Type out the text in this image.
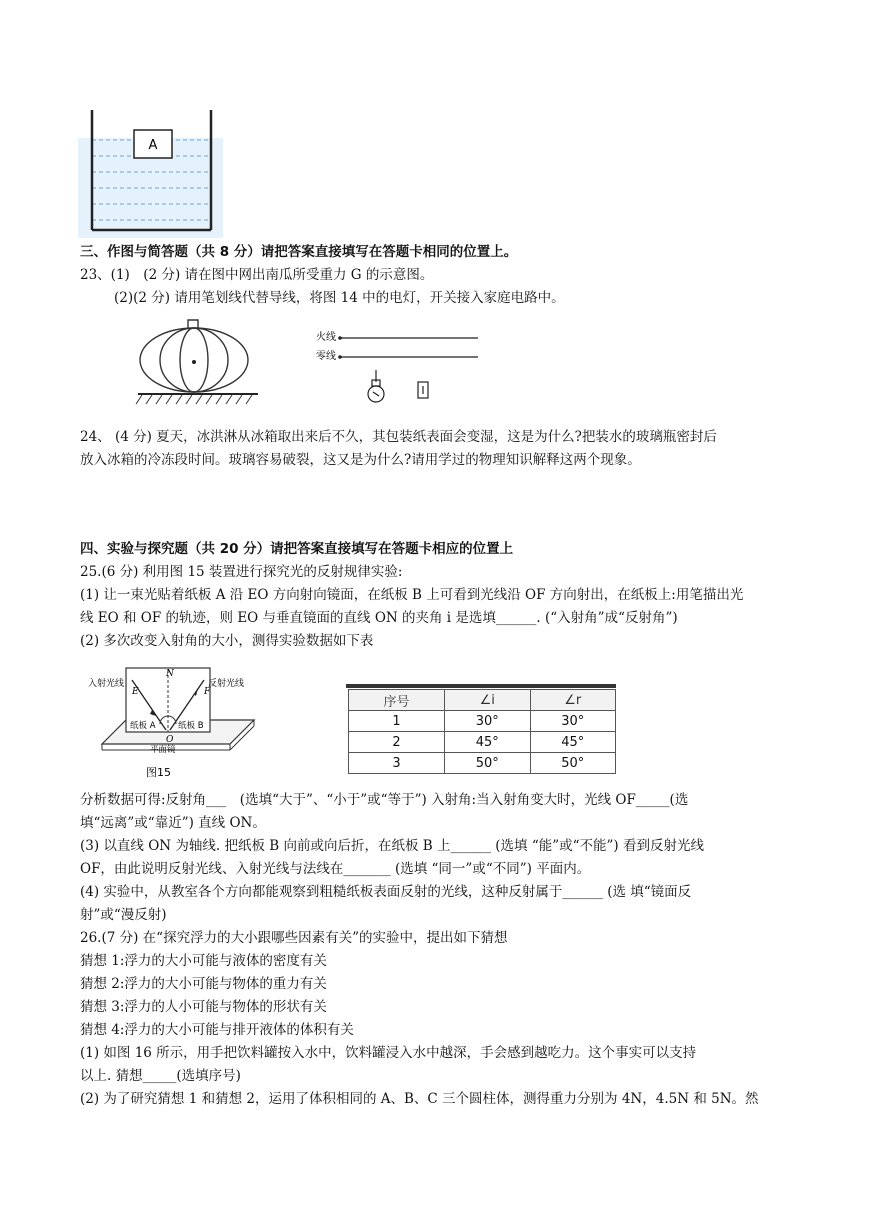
A
三、作图与简答题（共 8 分）请把答案直接填写在答题卡相同的位置上。
23、(1)　(2 分) 请在图中网出南瓜所受重力 G 的示意图。
(2)(2 分) 请用笔划线代替导线，将图 14 中的电灯，开关接入家庭电路中。
火线
零线
24、 (4 分) 夏天，冰洪淋从冰箱取出来后不久，其包装纸表面会变湿，这是为什么?把装水的玻璃瓶密封后
放入冰箱的冷冻段时间。玻璃容易破裂，这又是为什么?请用学过的物理知识解释这两个现象。
四、实验与探究题（共 20 分）请把答案直接填写在答题卡相应的位置上
25.(6 分) 利用图 15 装置进行探究光的反射规律实验:
(1) 让一束光贴着纸板 A 沿 EO 方向射向镜面，在纸板 B 上可看到光线沿 OF 方向射出，在纸板上:用笔描出光
线 EO 和 OF 的轨迹，则 EO 与垂直镜面的直线 ON 的夹角 i 是选填______. (“入射角”成“反射角”)
(2) 多次改变入射角的大小，测得实验数据如下表
入射光线	反射光线
E
N
F
O
纸板 A	纸板 B
平面镜
图15
序号	∠i	∠r
1	30°	30°
2	45°	45°
3	50°	50°
分析数据可得:反射角___　(选填“大于”、“小于”或“等于”) 入射角:当入射角变大时，光线 OF_____(选
填“远离”或“靠近”) 直线 ON。
(3) 以直线 ON 为轴线. 把纸板 B 向前或向后折，在纸板 B 上______ (选填 “能”或“不能”) 看到反射光线
OF，由此说明反射光线、入射光线与法线在_______ (选填 “同一”或“不同”) 平面内。
(4) 实验中，从教室各个方向都能观察到粗糙纸板表面反射的光线，这种反射属于______ (选 填“镜面反
射”或“漫反射)
26.(7 分) 在“探究浮力的大小跟哪些因素有关”的实验中，提出如下猜想
猜想 1:浮力的大小可能与液体的密度有关
猜想 2:浮力的大小可能与物体的重力有关
猜想 3:浮力的人小可能与物体的形状有关
猜想 4:浮力的大小可能与排开液体的体积有关
(1) 如图 16 所示，用手把饮料罐按入水中，饮料罐浸入水中越深，手会感到越吃力。这个事实可以支持
以上. 猜想_____(选填序号)
(2) 为了研究猜想 1 和猜想 2，运用了体积相同的 A、B、C 三个圆柱体，测得重力分别为 4N，4.5N 和 5N。然
